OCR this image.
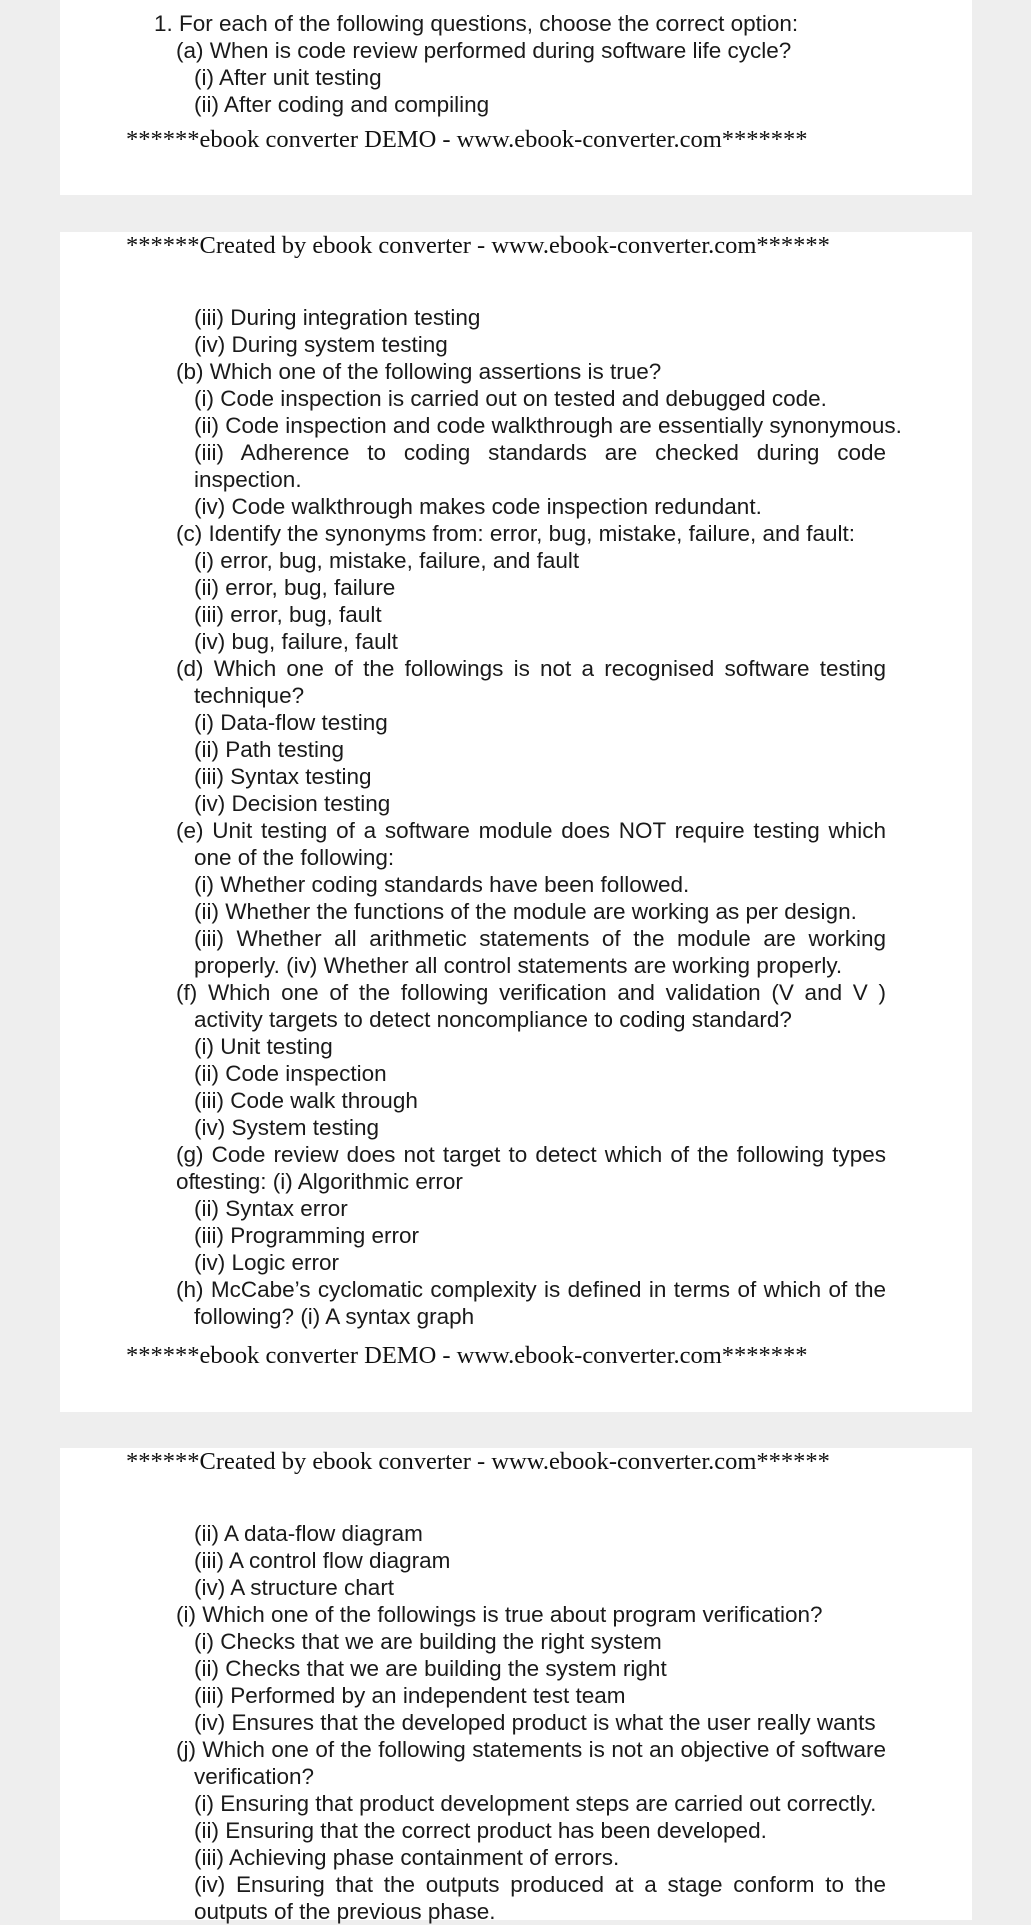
1. For each of the following questions, choose the correct option:
(a) When is code review performed during software life cycle?
(i) After unit testing
(ii) After coding and compiling
******ebook converter DEMO - www.ebook-converter.com*******
******Created by ebook converter - www.ebook-converter.com******
(iii) During integration testing
(iv) During system testing
(b) Which one of the following assertions is true?
(i) Code inspection is carried out on tested and debugged code.
(ii) Code inspection and code walkthrough are essentially synonymous.
(iii) Adherence to coding standards are checked during code
inspection.
(iv) Code walkthrough makes code inspection redundant.
(c) Identify the synonyms from: error, bug, mistake, failure, and fault:
(i) error, bug, mistake, failure, and fault
(ii) error, bug, failure
(iii) error, bug, fault
(iv) bug, failure, fault
(d) Which one of the followings is not a recognised software testing
technique?
(i) Data-flow testing
(ii) Path testing
(iii) Syntax testing
(iv) Decision testing
(e) Unit testing of a software module does NOT require testing which
one of the following:
(i) Whether coding standards have been followed.
(ii) Whether the functions of the module are working as per design.
(iii) Whether all arithmetic statements of the module are working
properly. (iv) Whether all control statements are working properly.
(f) Which one of the following verification and validation (V and V )
activity targets to detect noncompliance to coding standard?
(i) Unit testing
(ii) Code inspection
(iii) Code walk through
(iv) System testing
(g) Code review does not target to detect which of the following types of testing: (i) Algorithmic error
(ii) Syntax error
(iii) Programming error
(iv) Logic error
(h) McCabe’s cyclomatic complexity is defined in terms of which of the
following? (i) A syntax graph
******ebook converter DEMO - www.ebook-converter.com*******
******Created by ebook converter - www.ebook-converter.com******
(ii) A data-flow diagram
(iii) A control flow diagram
(iv) A structure chart
(i) Which one of the followings is true about program verification?
(i) Checks that we are building the right system
(ii) Checks that we are building the system right
(iii) Performed by an independent test team
(iv) Ensures that the developed product is what the user really wants
(j) Which one of the following statements is not an objective of software
verification?
(i) Ensuring that product development steps are carried out correctly.
(ii) Ensuring that the correct product has been developed.
(iii) Achieving phase containment of errors.
(iv) Ensuring that the outputs produced at a stage conform to the
outputs of the previous phase.
